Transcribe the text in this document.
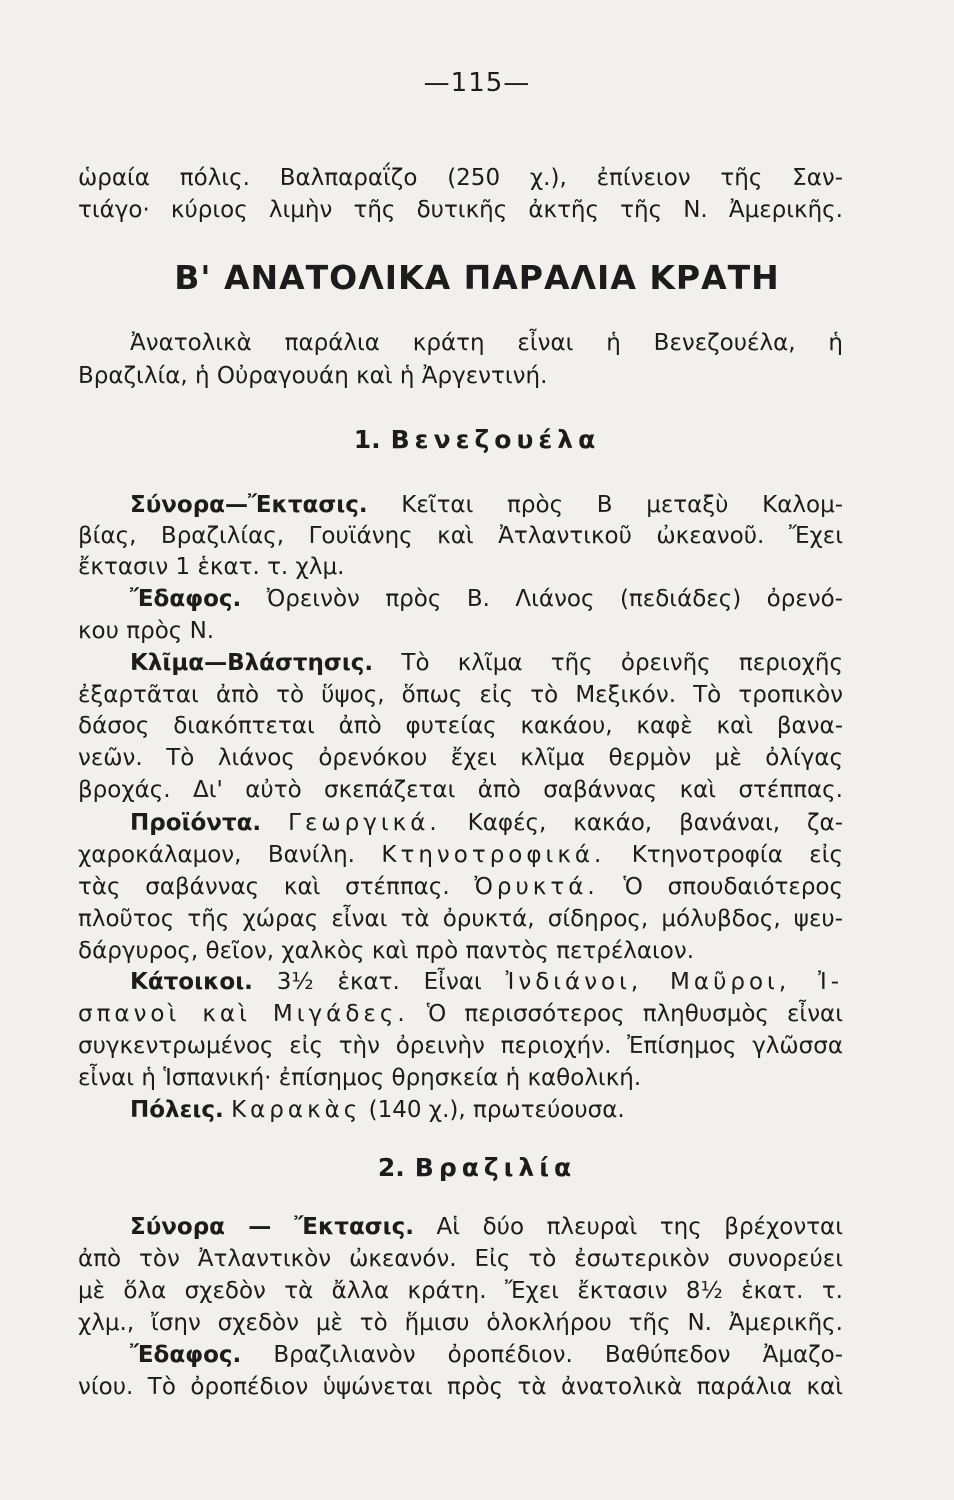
—115—
ὡραία πόλις. Βαλπαραΐζο (250 χ.), ἐπίνειον τῆς Σαν-
τιάγο· κύριος λιμὴν τῆς δυτικῆς ἀκτῆς τῆς Ν. Ἀμερικῆς.
Β' ΑΝΑΤΟΛΙΚΑ ΠΑΡΑΛΙΑ ΚΡΑΤΗ
Ἀνατολικὰ παράλια κράτη εἶναι ἡ Βενεζουέλα, ἡ
Βραζιλία, ἡ Οὐραγουάη καὶ ἡ Ἀργεντινή.
1. Βενεζουέλα
Σύνορα—Ἔκτασις. Κεῖται πρὸς Β μεταξὺ Καλομ-
βίας, Βραζιλίας, Γουϊάνης καὶ Ἀτλαντικοῦ ὠκεανοῦ. Ἔχει
ἔκτασιν 1 ἑκατ. τ. χλμ.
Ἔδαφος. Ὀρεινὸν πρὸς Β. Λιάνος (πεδιάδες) ὀρενό-
κου πρὸς Ν.
Κλῖμα—Βλάστησις. Τὸ κλῖμα τῆς ὀρεινῆς περιοχῆς
ἐξαρτᾶται ἀπὸ τὸ ὕψος, ὅπως εἰς τὸ Μεξικόν. Τὸ τροπικὸν
δάσος διακόπτεται ἀπὸ φυτείας κακάου, καφὲ καὶ βανα-
νεῶν. Τὸ λιάνος ὀρενόκου ἔχει κλῖμα θερμὸν μὲ ὀλίγας
βροχάς. Δι' αὐτὸ σκεπάζεται ἀπὸ σαβάννας καὶ στέππας.
Προϊόντα. Γεωργικά. Καφές, κακάο, βανάναι, ζα-
χαροκάλαμον, Βανίλη. Κτηνοτροφικά. Κτηνοτροφία εἰς
τὰς σαβάννας καὶ στέππας. Ὀρυκτά. Ὁ σπουδαιότερος
πλοῦτος τῆς χώρας εἶναι τὰ ὀρυκτά, σίδηρος, μόλυβδος, ψευ-
δάργυρος, θεῖον, χαλκὸς καὶ πρὸ παντὸς πετρέλαιον.
Κάτοικοι. 3½ ἑκατ. Εἶναι Ἰνδιάνοι, Μαῦροι, Ἰ-
σπανοὶ καὶ Μιγάδες. Ὁ περισσότερος πληθυσμὸς εἶναι
συγκεντρωμένος εἰς τὴν ὀρεινὴν περιοχήν. Ἐπίσημος γλῶσσα
εἶναι ἡ Ἱσπανική· ἐπίσημος θρησκεία ἡ καθολική.
Πόλεις. Καρακὰς (140 χ.), πρωτεύουσα.
2. Βραζιλία
Σύνορα — Ἔκτασις. Αἱ δύο πλευραὶ της βρέχονται
ἀπὸ τὸν Ἀτλαντικὸν ὠκεανόν. Εἰς τὸ ἐσωτερικὸν συνορεύει
μὲ ὅλα σχεδὸν τὰ ἄλλα κράτη. Ἔχει ἔκτασιν 8½ ἑκατ. τ.
χλμ., ἴσην σχεδὸν μὲ τὸ ἥμισυ ὁλοκλήρου τῆς Ν. Ἀμερικῆς.
Ἔδαφος. Βραζιλιανὸν ὀροπέδιον. Βαθύπεδον Ἀμαζο-
νίου. Τὸ ὀροπέδιον ὑψώνεται πρὸς τὰ ἀνατολικὰ παράλια καὶ
